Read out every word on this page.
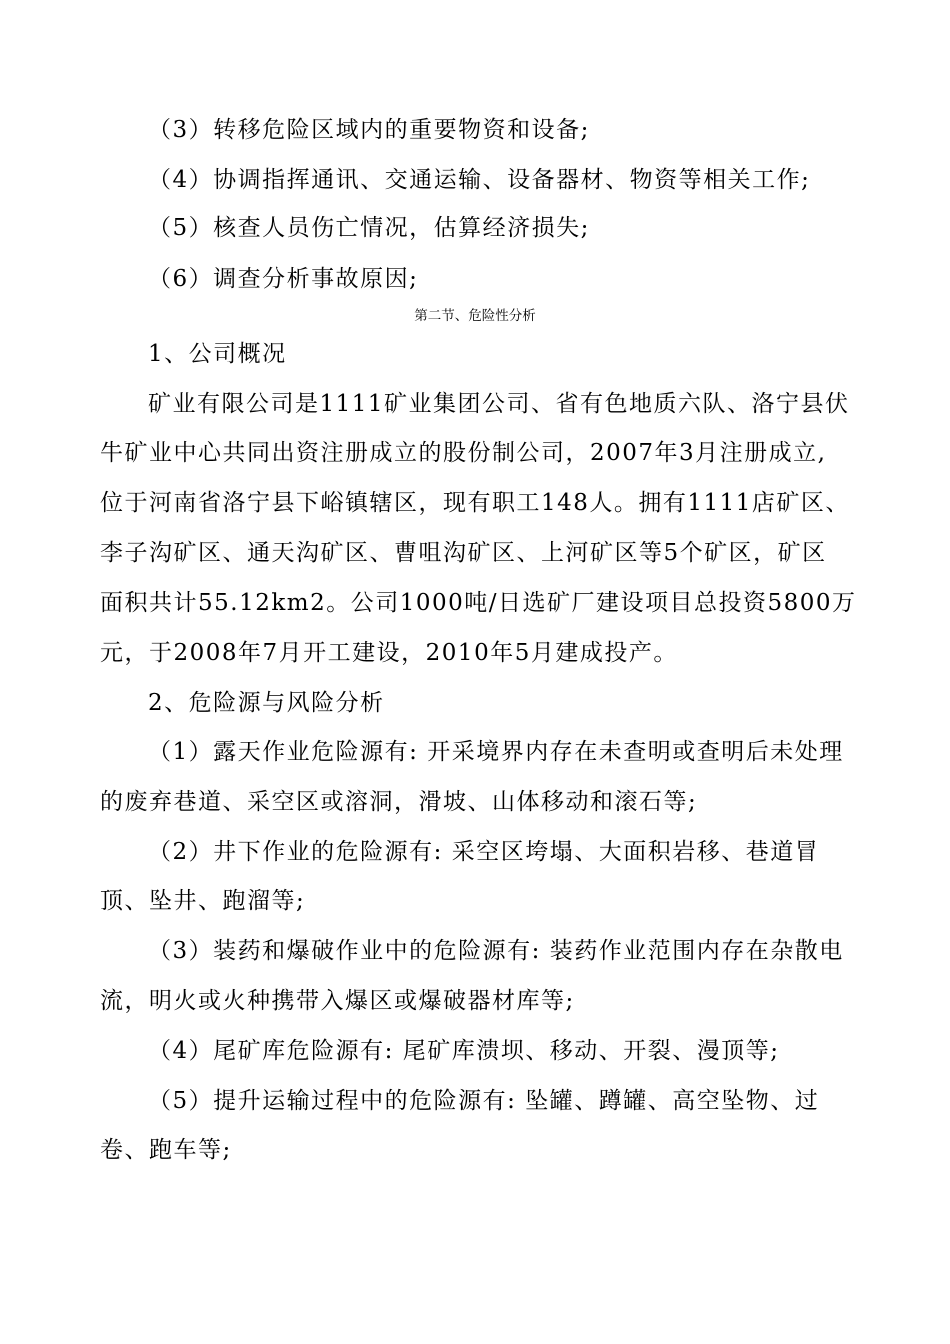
（3）转移危险区域内的重要物资和设备;
（4）协调指挥通讯、交通运输、设备器材、物资等相关工作;
（5）核查人员伤亡情况，估算经济损失;
（6）调查分析事故原因;
第二节、危险性分析
1、公司概况
矿业有限公司是1111矿业集团公司、省有色地质六队、洛宁县伏
牛矿业中心共同出资注册成立的股份制公司，2007年3月注册成立,
位于河南省洛宁县下峪镇辖区，现有职工148人。拥有1111店矿区、
李子沟矿区、通天沟矿区、曹咀沟矿区、上河矿区等5个矿区，矿区
面积共计55.12km2。公司1000吨/日选矿厂建设项目总投资5800万
元，于2008年7月开工建设，2010年5月建成投产。
2、危险源与风险分析
（1）露天作业危险源有: 开采境界内存在未查明或查明后未处理
的废弃巷道、采空区或溶洞，滑坡、山体移动和滚石等;
（2）井下作业的危险源有: 采空区垮塌、大面积岩移、巷道冒
顶、坠井、跑溜等;
（3）装药和爆破作业中的危险源有: 装药作业范围内存在杂散电
流，明火或火种携带入爆区或爆破器材库等;
（4）尾矿库危险源有: 尾矿库溃坝、移动、开裂、漫顶等;
（5）提升运输过程中的危险源有: 坠罐、蹲罐、高空坠物、过
卷、跑车等;
